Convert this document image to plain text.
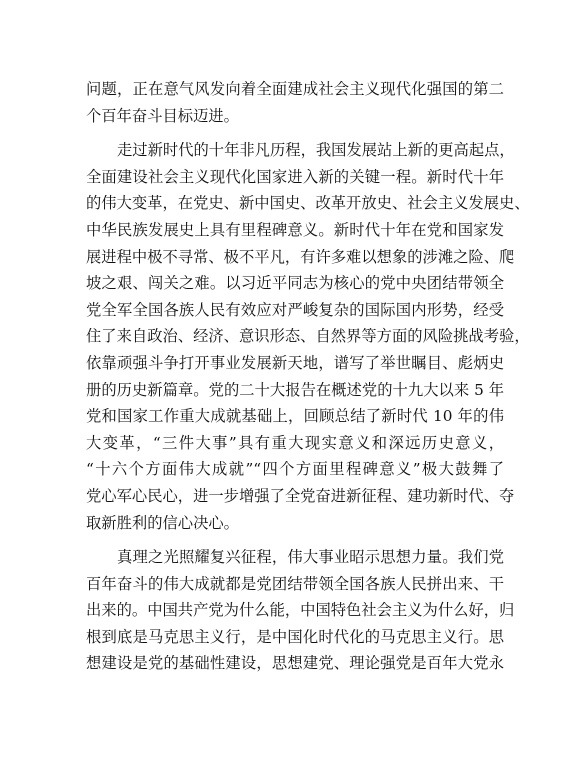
问题，正在意气风发向着全面建成社会主义现代化强国的第二
个百年奋斗目标迈进。
走过新时代的十年非凡历程，我国发展站上新的更高起点，
全面建设社会主义现代化国家进入新的关键一程。新时代十年
的伟大变革，在党史、新中国史、改革开放史、社会主义发展史、
中华民族发展史上具有里程碑意义。新时代十年在党和国家发
展进程中极不寻常、极不平凡，有许多难以想象的涉滩之险、爬
坡之艰、闯关之难。以习近平同志为核心的党中央团结带领全
党全军全国各族人民有效应对严峻复杂的国际国内形势，经受
住了来自政治、经济、意识形态、自然界等方面的风险挑战考验，
依靠顽强斗争打开事业发展新天地，谱写了举世瞩目、彪炳史
册的历史新篇章。党的二十大报告在概述党的十九大以来 5 年
党和国家工作重大成就基础上，回顾总结了新时代 10 年的伟
大变革，“三件大事”具有重大现实意义和深远历史意义，
“十六个方面伟大成就”“四个方面里程碑意义”极大鼓舞了
党心军心民心，进一步增强了全党奋进新征程、建功新时代、夺
取新胜利的信心决心。
真理之光照耀复兴征程，伟大事业昭示思想力量。我们党
百年奋斗的伟大成就都是党团结带领全国各族人民拼出来、干
出来的。中国共产党为什么能，中国特色社会主义为什么好，归
根到底是马克思主义行，是中国化时代化的马克思主义行。思
想建设是党的基础性建设，思想建党、理论强党是百年大党永
